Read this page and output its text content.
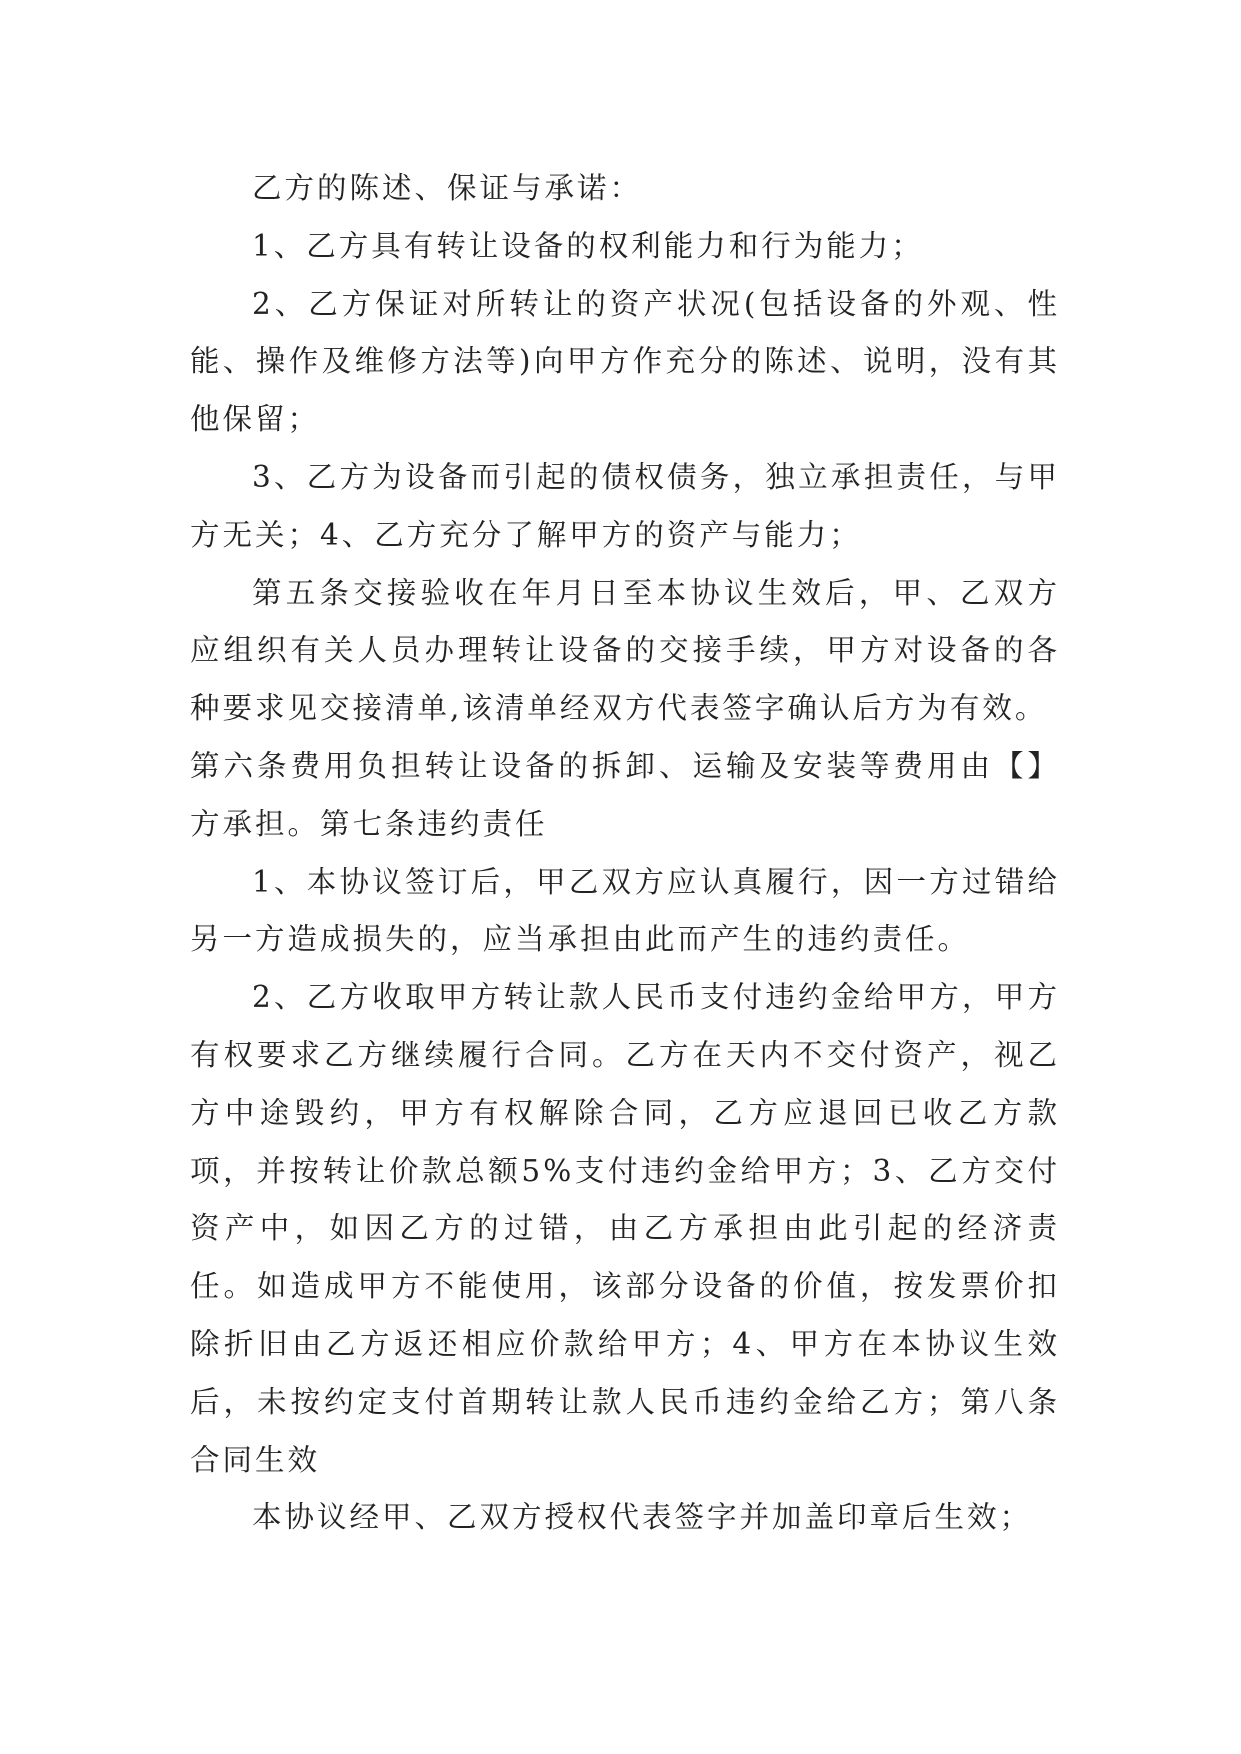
乙方的陈述、保证与承诺：

1、乙方具有转让设备的权利能力和行为能力；

2、乙方保证对所转让的资产状况(包括设备的外观、性能、操作及维修方法等)向甲方作充分的陈述、说明，没有其他保留；

3、乙方为设备而引起的债权债务，独立承担责任，与甲方无关；4、乙方充分了解甲方的资产与能力；

第五条交接验收在年月日至本协议生效后，甲、乙双方应组织有关人员办理转让设备的交接手续，甲方对设备的各种要求见交接清单,该清单经双方代表签字确认后方为有效。

第六条费用负担转让设备的拆卸、运输及安装等费用由【】方承担。第七条违约责任

1、本协议签订后，甲乙双方应认真履行，因一方过错给另一方造成损失的，应当承担由此而产生的违约责任。

2、乙方收取甲方转让款人民币支付违约金给甲方，甲方有权要求乙方继续履行合同。乙方在天内不交付资产，视乙方中途毁约，甲方有权解除合同，乙方应退回已收乙方款项，并按转让价款总额5%支付违约金给甲方；3、乙方交付资产中，如因乙方的过错，由乙方承担由此引起的经济责任。如造成甲方不能使用，该部分设备的价值，按发票价扣除折旧由乙方返还相应价款给甲方；4、甲方在本协议生效后，未按约定支付首期转让款人民币违约金给乙方；第八条合同生效

本协议经甲、乙双方授权代表签字并加盖印章后生效；
